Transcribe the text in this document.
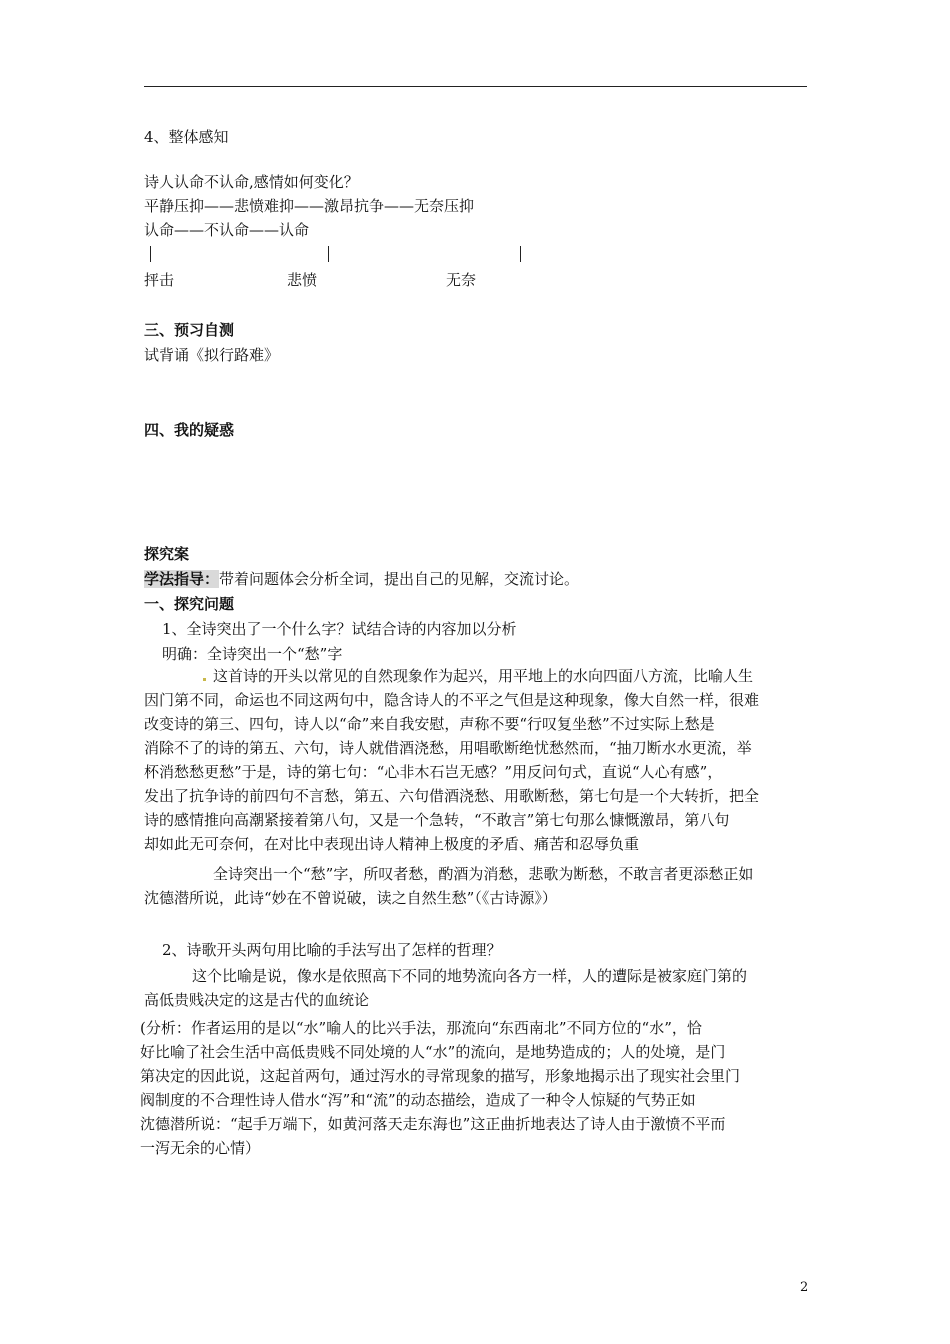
4、整体感知
诗人认命不认命,感情如何变化？
平静压抑——悲愤难抑——激昂抗争——无奈压抑
认命——不认命——认命
抨击	悲愤	无奈
三、预习自测
试背诵《拟行路难》
四、我的疑惑
探究案
学法指导：带着问题体会分析全词，提出自己的见解，交流讨论。
一、探究问题
1、全诗突出了一个什么字？试结合诗的内容加以分析
明确：全诗突出一个“愁”字
这首诗的开头以常见的自然现象作为起兴，用平地上的水向四面八方流，比喻人生
因门第不同，命运也不同这两句中，隐含诗人的不平之气但是这种现象，像大自然一样，很难
改变诗的第三、四句，诗人以“命”来自我安慰，声称不要“行叹复坐愁”不过实际上愁是
消除不了的诗的第五、六句，诗人就借酒浇愁，用唱歌断绝忧愁然而，“抽刀断水水更流，举
杯消愁愁更愁”于是，诗的第七句：“心非木石岂无感？”用反问句式，直说“人心有感”，
发出了抗争诗的前四句不言愁，第五、六句借酒浇愁、用歌断愁，第七句是一个大转折，把全
诗的感情推向高潮紧接着第八句，又是一个急转，“不敢言”第七句那么慷慨激昂，第八句
却如此无可奈何，在对比中表现出诗人精神上极度的矛盾、痛苦和忍辱负重
全诗突出一个“愁”字，所叹者愁，酌酒为消愁，悲歌为断愁，不敢言者更添愁正如
沈德潜所说，此诗“妙在不曾说破，读之自然生愁”（《古诗源》）
2、诗歌开头两句用比喻的手法写出了怎样的哲理？
这个比喻是说，像水是依照高下不同的地势流向各方一样，人的遭际是被家庭门第的
高低贵贱决定的这是古代的血统论
(分析：作者运用的是以“水”喻人的比兴手法，那流向“东西南北”不同方位的“水”，恰
好比喻了社会生活中高低贵贱不同处境的人“水”的流向，是地势造成的；人的处境，是门
第决定的因此说，这起首两句，通过泻水的寻常现象的描写，形象地揭示出了现实社会里门
阀制度的不合理性诗人借水“泻”和“流”的动态描绘，造成了一种令人惊疑的气势正如
沈德潜所说：“起手万端下，如黄河落天走东海也”这正曲折地表达了诗人由于激愤不平而
一泻无余的心情）
2
